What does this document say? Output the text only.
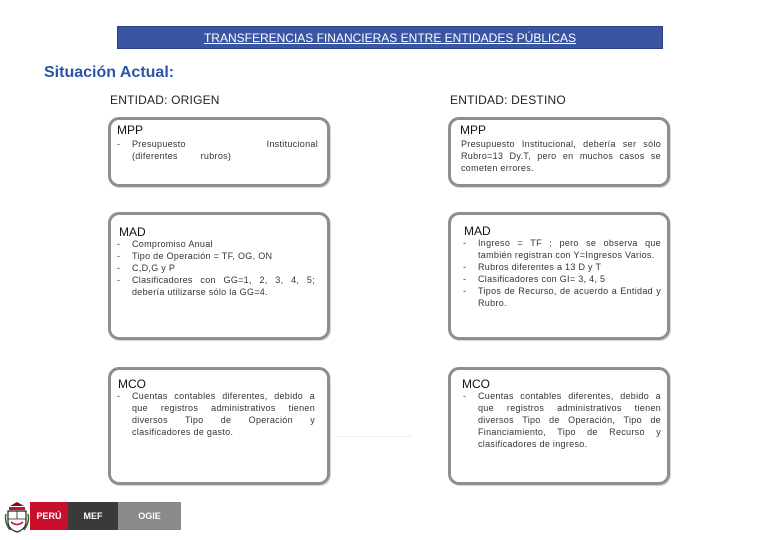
TRANSFERENCIAS FINANCIERAS ENTRE ENTIDADES PÚBLICAS
Situación Actual:
ENTIDAD: ORIGEN	ENTIDAD: DESTINO
MPP
- Presupuesto Institucional (diferentes rubros)
MPP
Presupuesto Institucional, debería ser sólo Rubro=13 Dy.T, pero en muchos casos se cometen errores.
MAD
- Compromiso Anual
- Tipo de Operación = TF, OG, ON
- C,D,G y P
- Clasificadores con GG=1, 2, 3, 4, 5; debería utilizarse sólo la GG=4.
MAD
- Ingreso = TF ; pero se observa que también registran con Y=Ingresos Varios.
- Rubros diferentes a 13 D y T
- Clasificadores con GI= 3, 4, 5
- Tipos de Recurso, de acuerdo a Entidad y Rubro.
MCO
- Cuentas contables diferentes, debido a que registros administrativos tienen diversos Tipo de Operación y clasificadores de gasto.
MCO
- Cuentas contables diferentes, debido a que registros administrativos tienen diversos Tipo de Operación, Tipo de Financiamiento, Tipo de Recurso y clasificadores de ingreso.
PERÚ MEF	OGIE
